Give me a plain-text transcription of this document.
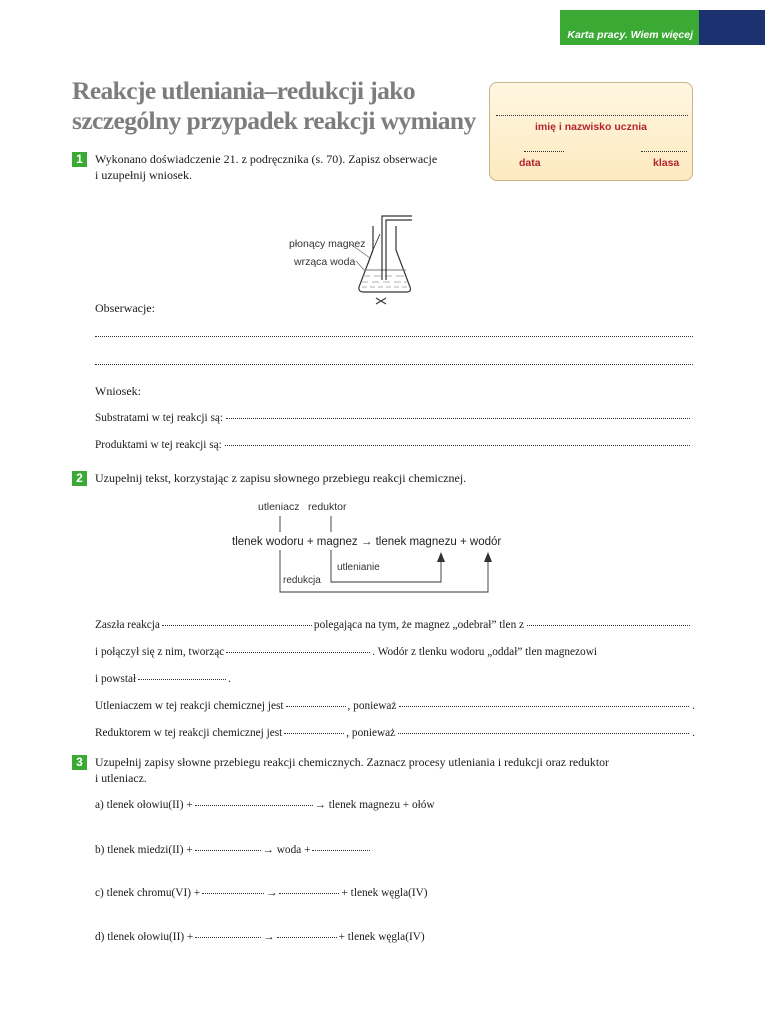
Karta pracy. Wiem więcej
Reakcje utleniania–redukcji jako
szczególny przypadek reakcji wymiany	imię i nazwisko ucznia
data	klasa
1	Wykonano doświadczenie 21. z podręcznika (s. 70). Zapisz obserwacje
i uzupełnij wniosek.
płonący magnez
wrząca woda
Obserwacje:
Wniosek:
Substratami w tej reakcji są:
Produktami w tej reakcji są:
2	Uzupełnij tekst, korzystając z zapisu słownego przebiegu reakcji chemicznej.
utleniacz reduktor
tlenek wodoru + magnez → tlenek magnezu + wodór
utlenianie
redukcja
Zaszła reakcja	polegająca na tym, że magnez „odebrał” tlen z
i połączył się z nim, tworząc	. Wodór z tlenku wodoru „oddał” tlen magnezowi
i powstał	.
Utleniaczem w tej reakcji chemicznej jest	, ponieważ	.
Reduktorem w tej reakcji chemicznej jest	, ponieważ	.
3	Uzupełnij zapisy słowne przebiegu reakcji chemicznych. Zaznacz procesy utleniania i redukcji oraz reduktor
i utleniacz.
a) tlenek ołowiu(II) +	→ tlenek magnezu + ołów
b) tlenek miedzi(II) +	→ woda +
c) tlenek chromu(VI) +	→	+ tlenek węgla(IV)
d) tlenek ołowiu(II) +	→	+ tlenek węgla(IV)
